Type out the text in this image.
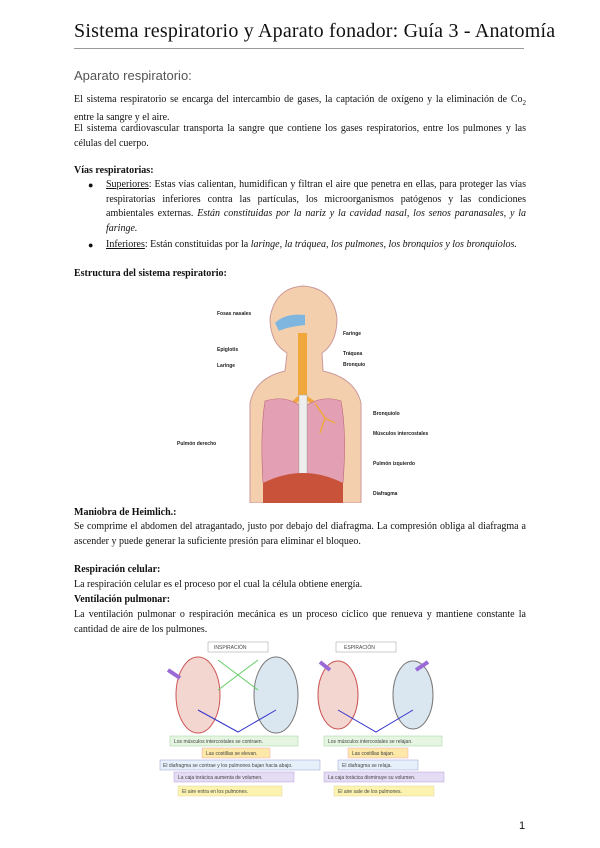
Sistema respiratorio y Aparato fonador: Guía 3 - Anatomía
Aparato respiratorio:
El sistema respiratorio se encarga del intercambio de gases, la captación de oxígeno y la eliminación de $Co_2$ entre la sangre y el aire.
El sistema cardiovascular transporta la sangre que contiene los gases respiratorios, entre los pulmones y las células del cuerpo.
Vías respiratorias:
● Superiores: Estas vías calientan, humidifican y filtran el aire que penetra en ellas, para proteger las vías respiratorias inferiores contra las partículas, los microorganismos patógenos y las condiciones ambientales externas. Están constituidas por la nariz y la cavidad nasal, los senos paranasales, y la faringe.
● Inferiores: Están constituidas por la laringe, la tráquea, los pulmones, los bronquios y los bronquiolos.
Estructura del sistema respiratorio:
Fosas nasales
Epiglotis
Laringe
Faringe
Tráquea
Bronquio
Bronquiolo
Músculos intercostales
Pulmón derecho
Pulmón izquierdo
Diafragma
Maniobra de Heimlich.:
Se comprime el abdomen del atragantado, justo por debajo del diafragma. La compresión obliga al diafragma a ascender y puede generar la suficiente presión para eliminar el bloqueo.
Respiración celular:
La respiración celular es el proceso por el cual la célula obtiene energía.
Ventilación pulmonar:
La ventilación pulmonar o respiración mecánica es un proceso cíclico que renueva y mantiene constante la cantidad de aire de los pulmones.
INSPIRACIÓN	ESPIRACIÓN
Los músculos intercostales se contraen.
Las costillas se elevan.
El diafragma se contrae y los pulmones bajan hacia abajo.
La caja torácica aumenta de volumen.
El aire entra en los pulmones.
Los músculos intercostales se relajan.
Las costillas bajan.
El diafragma se relaja.
La caja torácica disminuye su volumen.
El aire sale de los pulmones.
1
